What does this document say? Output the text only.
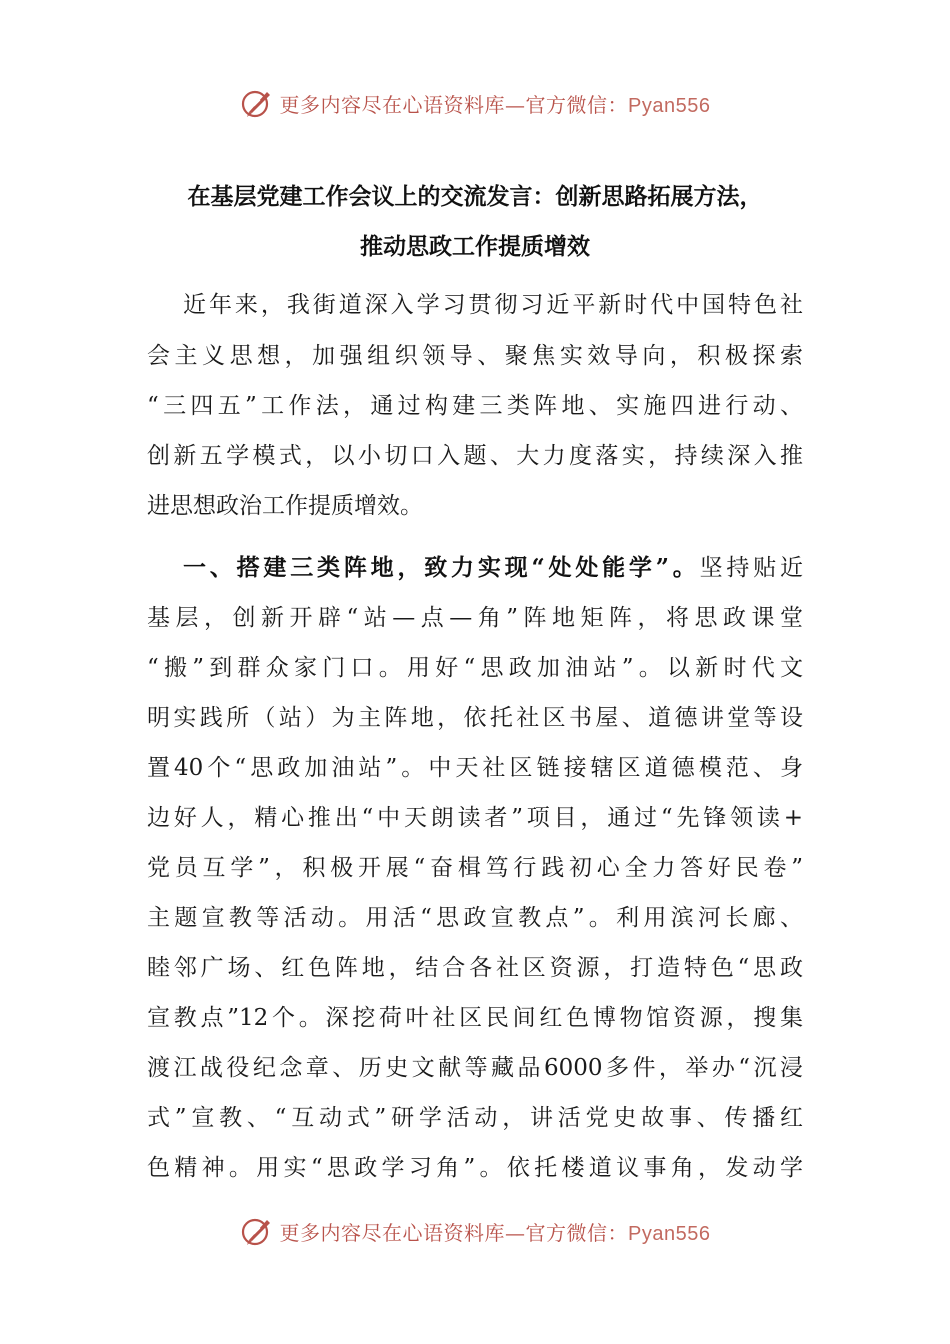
更多内容尽在心语资料库—官方微信：Pyan556
在基层党建工作会议上的交流发言：创新思路拓展方法，
推动思政工作提质增效
近年来，我街道深入学习贯彻习近平新时代中国特色社
会主义思想，加强组织领导、聚焦实效导向，积极探索
“三四五”工作法，通过构建三类阵地、实施四进行动、
创新五学模式，以小切口入题、大力度落实，持续深入推
进思想政治工作提质增效。
一、搭建三类阵地，致力实现“处处能学”。坚持贴近
基层，创新开辟“站—点—角”阵地矩阵，将思政课堂
“搬”到群众家门口。用好“思政加油站”。以新时代文
明实践所（站）为主阵地，依托社区书屋、道德讲堂等设
置40个“思政加油站”。中天社区链接辖区道德模范、身
边好人，精心推出“中天朗读者”项目，通过“先锋领读+
党员互学”，积极开展“奋楫笃行践初心全力答好民卷”
主题宣教等活动。用活“思政宣教点”。利用滨河长廊、
睦邻广场、红色阵地，结合各社区资源，打造特色“思政
宣教点”12个。深挖荷叶社区民间红色博物馆资源，搜集
渡江战役纪念章、历史文献等藏品6000多件，举办“沉浸
式”宣教、“互动式”研学活动，讲活党史故事、传播红
色精神。用实“思政学习角”。依托楼道议事角，发动学
更多内容尽在心语资料库—官方微信：Pyan556
